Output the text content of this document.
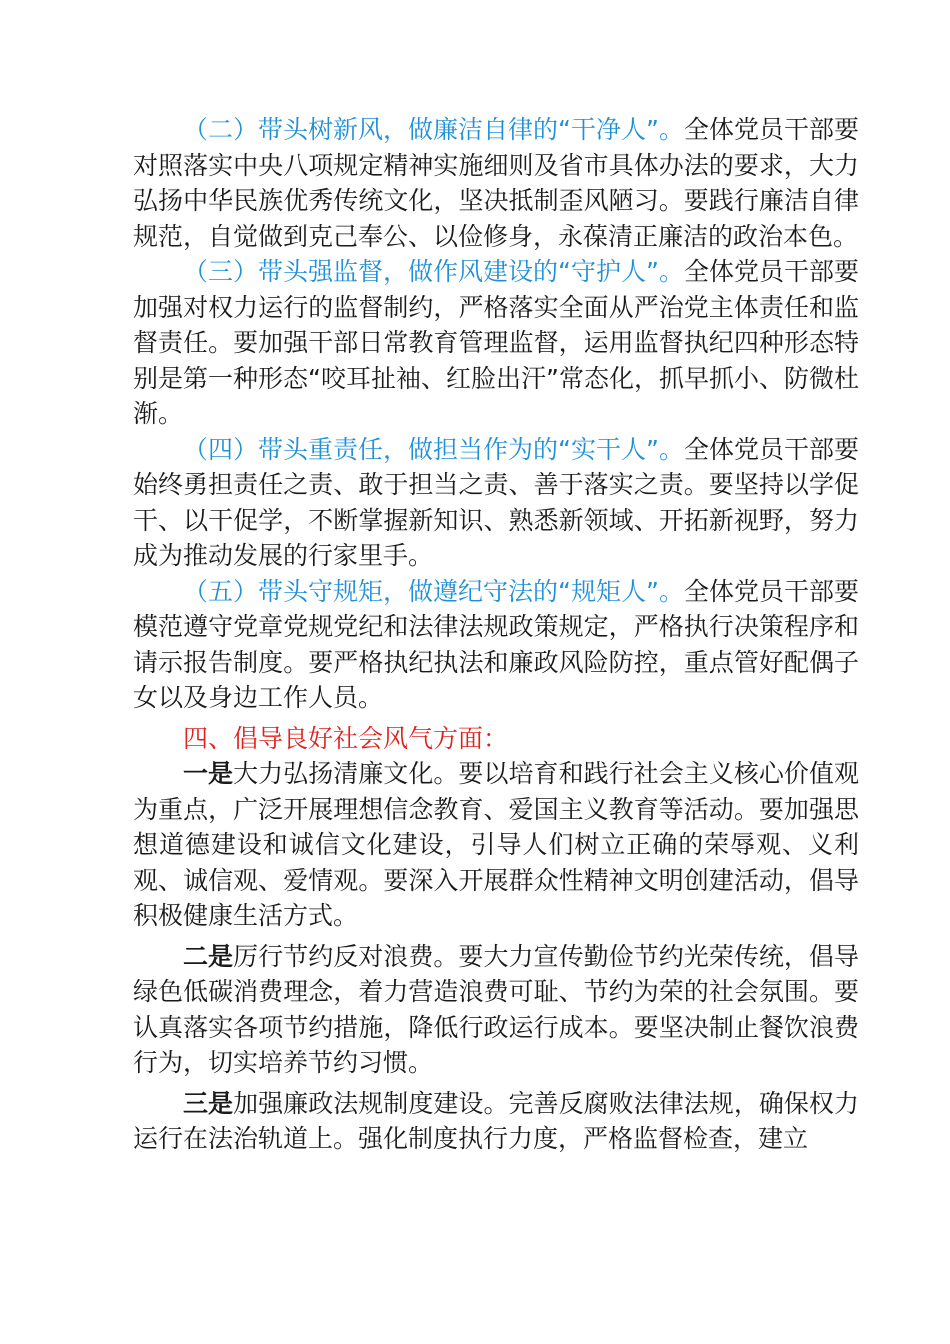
（二）带头树新风，做廉洁自律的“干净人”。全体党员干部要对照落实中央八项规定精神实施细则及省市具体办法的要求，大力弘扬中华民族优秀传统文化，坚决抵制歪风陋习。要践行廉洁自律规范，自觉做到克己奉公、以俭修身，永葆清正廉洁的政治本色。

（三）带头强监督，做作风建设的“守护人”。全体党员干部要加强对权力运行的监督制约，严格落实全面从严治党主体责任和监督责任。要加强干部日常教育管理监督，运用监督执纪四种形态特别是第一种形态“咬耳扯袖、红脸出汗”常态化，抓早抓小、防微杜渐。

（四）带头重责任，做担当作为的“实干人”。全体党员干部要始终勇担责任之责、敢于担当之责、善于落实之责。要坚持以学促干、以干促学，不断掌握新知识、熟悉新领域、开拓新视野，努力成为推动发展的行家里手。

（五）带头守规矩，做遵纪守法的“规矩人”。全体党员干部要模范遵守党章党规党纪和法律法规政策规定，严格执行决策程序和请示报告制度。要严格执纪执法和廉政风险防控，重点管好配偶子女以及身边工作人员。

四、倡导良好社会风气方面：

一是大力弘扬清廉文化。要以培育和践行社会主义核心价值观为重点，广泛开展理想信念教育、爱国主义教育等活动。要加强思想道德建设和诚信文化建设，引导人们树立正确的荣辱观、义利观、诚信观、爱情观。要深入开展群众性精神文明创建活动，倡导积极健康生活方式。

二是厉行节约反对浪费。要大力宣传勤俭节约光荣传统，倡导绿色低碳消费理念，着力营造浪费可耻、节约为荣的社会氛围。要认真落实各项节约措施，降低行政运行成本。要坚决制止餐饮浪费行为，切实培养节约习惯。

三是加强廉政法规制度建设。完善反腐败法律法规，确保权力运行在法治轨道上。强化制度执行力度，严格监督检查，建立
